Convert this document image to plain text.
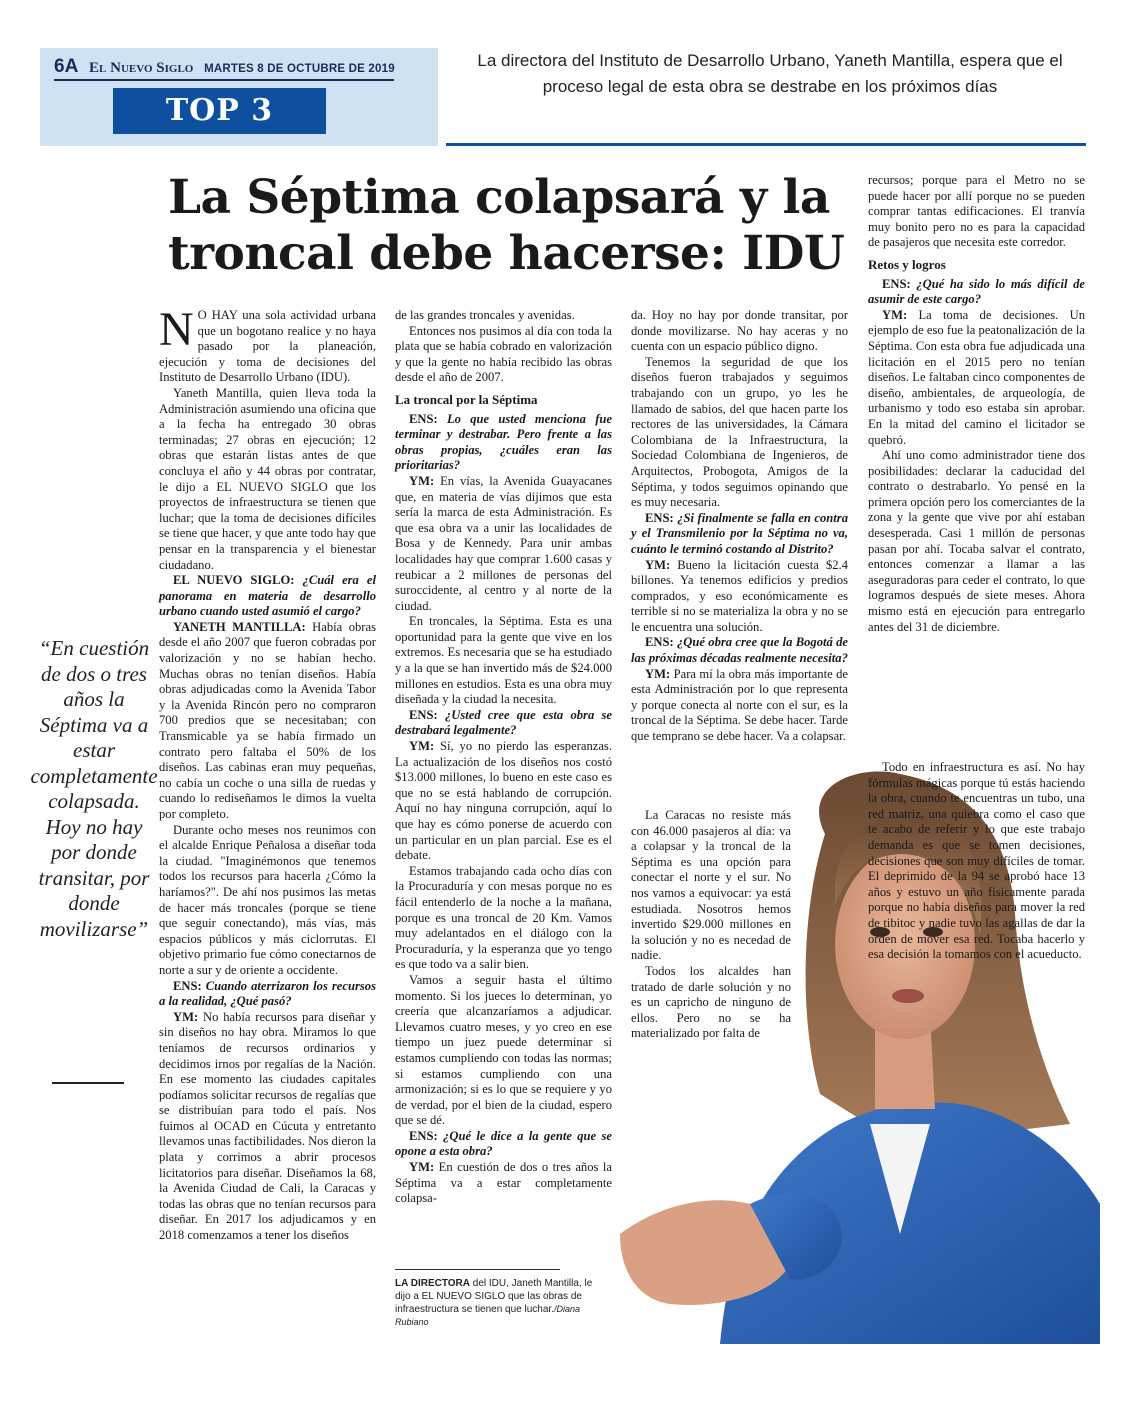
6A El Nuevo Siglo MARTES 8 DE OCTUBRE DE 2019
TOP 3
La directora del Instituto de Desarrollo Urbano, Yaneth Mantilla, espera que el proceso legal de esta obra se destrabe en los próximos días
La Séptima colapsará y la troncal debe hacerse: IDU
“En cuestión de dos o tres años la Séptima va a estar completamente colapsada. Hoy no hay por donde transitar, por donde movilizarse”
N O HAY una sola actividad urbana que un bogotano realice y no haya pasado por la planeación, ejecución y toma de decisiones del Instituto de Desarrollo Urbano (IDU).

Yaneth Mantilla, quien lleva toda la Administración asumiendo una oficina que a la fecha ha entregado 30 obras terminadas; 27 obras en ejecución; 12 obras que estarán listas antes de que concluya el año y 44 obras por contratar, le dijo a EL NUEVO SIGLO que los proyectos de infraestructura se tienen que luchar; que la toma de decisiones difíciles se tiene que hacer, y que ante todo hay que pensar en la transparencia y el bienestar ciudadano.

EL NUEVO SIGLO: ¿Cuál era el panorama en materia de desarrollo urbano cuando usted asumió el cargo?

YANETH MANTILLA: Había obras desde el año 2007 que fueron cobradas por valorización y no se habían hecho. Muchas obras no tenían diseños. Había obras adjudicadas como la Avenida Tabor y la Avenida Rincón pero no compraron 700 predios que se necesitaban; con Transmicable ya se había firmado un contrato pero faltaba el 50% de los diseños. Las cabinas eran muy pequeñas, no cabía un coche o una silla de ruedas y cuando lo rediseñamos le dimos la vuelta por completo.

Durante ocho meses nos reunimos con el alcalde Enrique Peñalosa a diseñar toda la ciudad. "Imaginémonos que tenemos todos los recursos para hacerla ¿Cómo la haríamos?". De ahí nos pusimos las metas de hacer más troncales (porque se tiene que seguir conectando), más vías, más espacios públicos y más ciclorrutas. El objetivo primario fue cómo conectarnos de norte a sur y de oriente a occidente.

ENS: Cuando aterrizaron los recursos a la realidad, ¿Qué pasó?

YM: No había recursos para diseñar y sin diseños no hay obra. Miramos lo que teníamos de recursos ordinarios y decidimos irnos por regalías de la Nación. En ese momento las ciudades capitales podíamos solicitar recursos de regalías que se distribuían para todo el país. Nos fuimos al OCAD en Cúcuta y entretanto llevamos unas factibilidades. Nos dieron la plata y corrimos a abrir procesos licitatorios para diseñar. Diseñamos la 68, la Avenida Ciudad de Cali, la Caracas y todas las obras que no tenían recursos para diseñar. En 2017 los adjudicamos y en 2018 comenzamos a tener los diseños

de las grandes troncales y avenidas.

Entonces nos pusimos al día con toda la plata que se había cobrado en valorización y que la gente no había recibido las obras desde el año de 2007.

La troncal por la Séptima

ENS: Lo que usted menciona fue terminar y destrabar. Pero frente a las obras propias, ¿cuáles eran las prioritarias?

YM: En vías, la Avenida Guayacanes que, en materia de vías dijimos que esta sería la marca de esta Administración. Es que esa obra va a unir las localidades de Bosa y de Kennedy. Para unir ambas localidades hay que comprar 1.600 casas y reubicar a 2 millones de personas del suroccidente, al centro y al norte de la ciudad.

En troncales, la Séptima. Esta es una oportunidad para la gente que vive en los extremos. Es necesaria que se ha estudiado y a la que se han invertido más de $24.000 millones en estudios. Esta es una obra muy diseñada y la ciudad la necesita.

ENS: ¿Usted cree que esta obra se destrabará legalmente?

YM: Sí, yo no pierdo las esperanzas. La actualización de los diseños nos costó $13.000 millones, lo bueno en este caso es que no se está hablando de corrupción. Aquí no hay ninguna corrupción, aquí lo que hay es cómo ponerse de acuerdo con un particular en un plan parcial. Ese es el debate.

Estamos trabajando cada ocho días con la Procuraduría y con mesas porque no es fácil entenderlo de la noche a la mañana, porque es una troncal de 20 Km. Vamos muy adelantados en el diálogo con la Procuraduría, y la esperanza que yo tengo es que todo va a salir bien.

Vamos a seguir hasta el último momento. Si los jueces lo determinan, yo creería que alcanzaríamos a adjudicar. Llevamos cuatro meses, y yo creo en ese tiempo un juez puede determinar si estamos cumpliendo con todas las normas; si estamos cumpliendo con una armonización; si es lo que se requiere y yo de verdad, por el bien de la ciudad, espero que se dé.

ENS: ¿Qué le dice a la gente que se opone a esta obra?

YM: En cuestión de dos o tres años la Séptima va a estar completamente colapsa-

LA DIRECTORA del IDU, Janeth Mantilla, le dijo a EL NUEVO SIGLO que las obras de infraestructura se tienen que luchar./Diana Rubiano

da. Hoy no hay por donde transitar, por donde movilizarse. No hay aceras y no cuenta con un espacio público digno.

Tenemos la seguridad de que los diseños fueron trabajados y seguimos trabajando con un grupo, yo les he llamado de sabios, del que hacen parte los rectores de las universidades, la Cámara Colombiana de la Infraestructura, la Sociedad Colombiana de Ingenieros, de Arquitectos, Probogota, Amigos de la Séptima, y todos seguimos opinando que es muy necesaria.

ENS: ¿Si finalmente se falla en contra y el Transmilenio por la Séptima no va, cuánto le terminó costando al Distrito?

YM: Bueno la licitación cuesta $2.4 billones. Ya tenemos edificios y predios comprados, y eso económicamente es terrible si no se materializa la obra y no se le encuentra una solución.

ENS: ¿Qué obra cree que la Bogotá de las próximas décadas realmente necesita?

YM: Para mí la obra más importante de esta Administración por lo que representa y porque conecta al norte con el sur, es la troncal de la Séptima. Se debe hacer. Tarde que temprano se debe hacer. Va a colapsar.

La Caracas no resiste más con 46.000 pasajeros al día: va a colapsar y la troncal de la Séptima es una opción para conectar el norte y el sur. No nos vamos a equivocar: ya está estudiada. Nosotros hemos invertido $29.000 millones en la solución y no es necedad de nadie.

Todos los alcaldes han tratado de darle solución y no es un capricho de ninguno de ellos. Pero no se ha materializado por falta de

recursos; porque para el Metro no se puede hacer por allí porque no se pueden comprar tantas edificaciones. El tranvía muy bonito pero no es para la capacidad de pasajeros que necesita este corredor.

Retos y logros

ENS: ¿Qué ha sido lo más difícil de asumir de este cargo?

YM: La toma de decisiones. Un ejemplo de eso fue la peatonalización de la Séptima. Con esta obra fue adjudicada una licitación en el 2015 pero no tenían diseños. Le faltaban cinco componentes de diseño, ambientales, de arqueología, de urbanismo y todo eso estaba sin aprobar. En la mitad del camino el licitador se quebró.

Ahí uno como administrador tiene dos posibilidades: declarar la caducidad del contrato o destrabarlo. Yo pensé en la primera opción pero los comerciantes de la zona y la gente que vive por ahí estaban desesperada. Casi 1 millón de personas pasan por ahí. Tocaba salvar el contrato, entonces comenzar a llamar a las aseguradoras para ceder el contrato, lo que logramos después de siete meses. Ahora mismo está en ejecución para entregarlo antes del 31 de diciembre.

Todo en infraestructura es así. No hay fórmulas mágicas porque tú estás haciendo la obra, cuando te encuentras un tubo, una red matriz, una quiebra como el caso que te acabo de referir y lo que este trabajo demanda es que se tomen decisiones, decisiones que son muy difíciles de tomar. El deprimido de la 94 se aprobó hace 13 años y estuvo un año físicamente parada porque no había diseños para mover la red de tibitoc y nadie tuvo las agallas de dar la orden de mover esa red. Tocaba hacerlo y esa decisión la tomamos con el acueducto.
